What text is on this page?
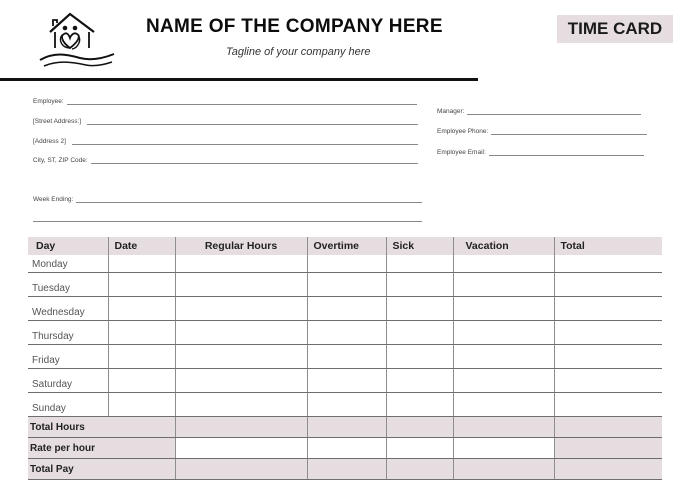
NAME OF THE COMPANY HERE
Tagline of your company here
TIME CARD
Employee:
[Street Address:]
[Address 2]
City, ST, ZIP Code:
Manager:
Employee Phone:
Employee Email:
Week Ending:
Day	Date	Regular Hours	Overtime	Sick	Vacation	Total
Monday						
Tuesday						
Wednesday						
Thursday						
Friday						
Saturday						
Sunday						
Total Hours						
Rate per hour						
Total Pay						
